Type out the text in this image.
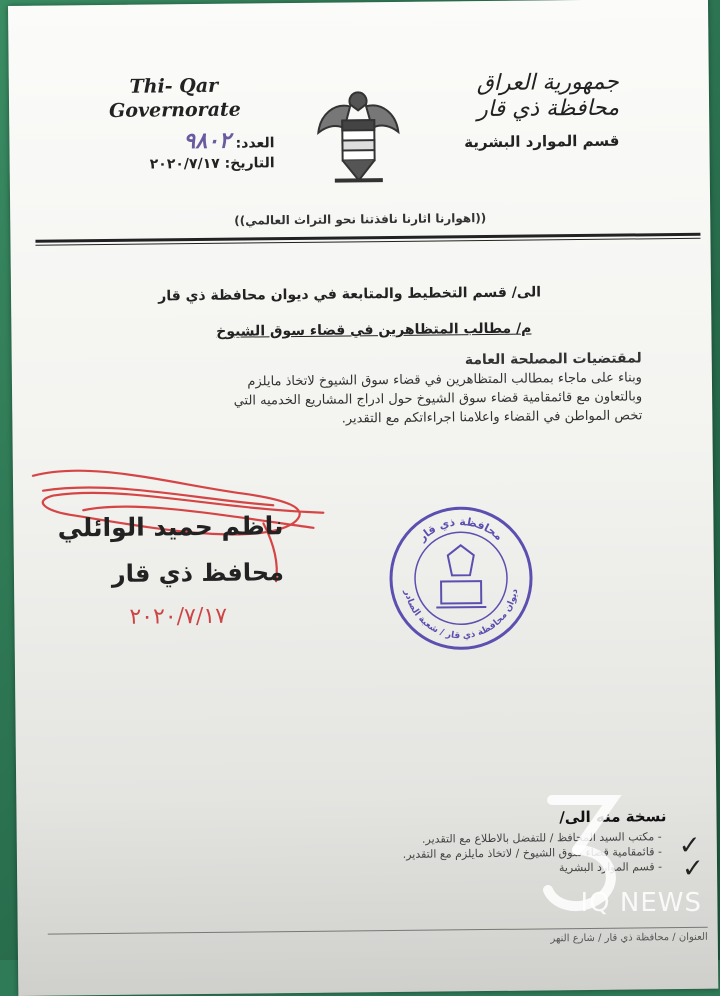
Thi- Qar
Governorate
العدد: ٩٨٠٢
التاريخ: ٢٠٢٠/٧/١٧
جمهورية العراق
محافظة ذي قار
قسم الموارد البشرية
((اهوارنا اثارنا نافذتنا نحو التراث العالمي))
الى/ قسم التخطيط والمتابعة في ديوان محافظة ذي قار
م/ مطالب المتظاهرين في قضاء سوق الشيوخ
لمقتضيات المصلحة العامة
وبناء على ماجاء بمطالب المتظاهرين في قضاء سوق الشيوخ لاتخاذ مايلزم
وبالتعاون مع قائمقامية قضاء سوق الشيوخ حول ادراج المشاريع الخدميه التي
تخص المواطن في القضاء واعلامنا اجراءاتكم مع التقدير.
ناظم حميد الوائلي
محافظ ذي قار
٢٠٢٠/٧/١٧
محافظة ذي قار
ديوان محافظة ذي قار / شعبة الصادر
نسخة منه الى/
- مكتب السيد المحافظ / للتفضل بالاطلاع مع التقدير.
- قائمقامية قضاء سوق الشيوخ / لاتخاذ مايلزم مع التقدير.
- قسم الموارد البشرية
✓
✓
العنوان / محافظة ذي قار / شارع النهر
IQ NEWS
